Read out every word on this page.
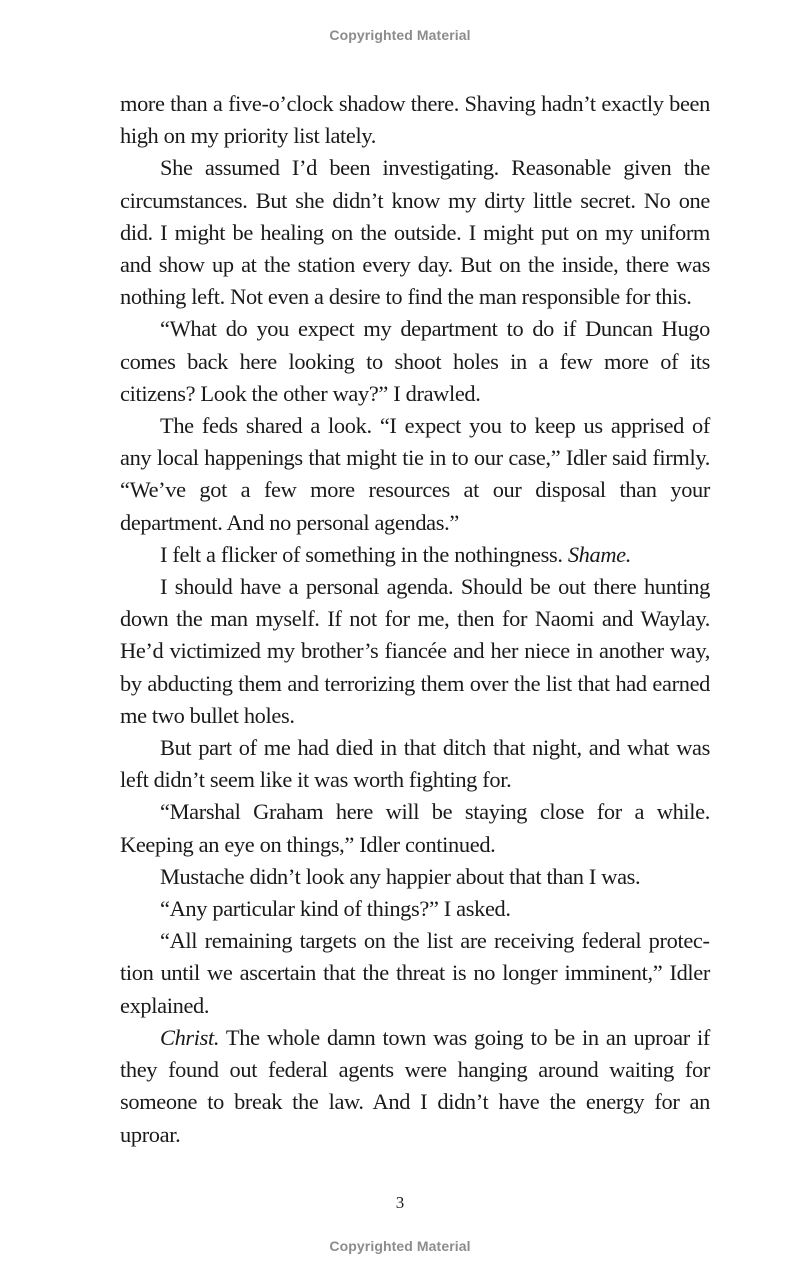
Copyrighted Material

more than a five-o’clock shadow there. Shaving hadn’t exactly been high on my priority list lately.

She assumed I’d been investigating. Reasonable given the circumstances. But she didn’t know my dirty little secret. No one did. I might be healing on the outside. I might put on my uniform and show up at the station every day. But on the inside, there was nothing left. Not even a desire to find the man responsible for this.

“What do you expect my department to do if Duncan Hugo comes back here looking to shoot holes in a few more of its citizens? Look the other way?” I drawled.

The feds shared a look. “I expect you to keep us apprised of any local happenings that might tie in to our case,” Idler said firmly. “We’ve got a few more resources at our disposal than your department. And no personal agendas.”

I felt a flicker of something in the nothingness. Shame.

I should have a personal agenda. Should be out there hunting down the man myself. If not for me, then for Naomi and Waylay. He’d victimized my brother’s fiancée and her niece in another way, by abducting them and terrorizing them over the list that had earned me two bullet holes.

But part of me had died in that ditch that night, and what was left didn’t seem like it was worth fighting for.

“Marshal Graham here will be staying close for a while. Keeping an eye on things,” Idler continued.

Mustache didn’t look any happier about that than I was.

“Any particular kind of things?” I asked.

“All remaining targets on the list are receiving federal protection until we ascertain that the threat is no longer imminent,” Idler explained.

Christ. The whole damn town was going to be in an uproar if they found out federal agents were hanging around waiting for someone to break the law. And I didn’t have the energy for an uproar.

3
Copyrighted Material
